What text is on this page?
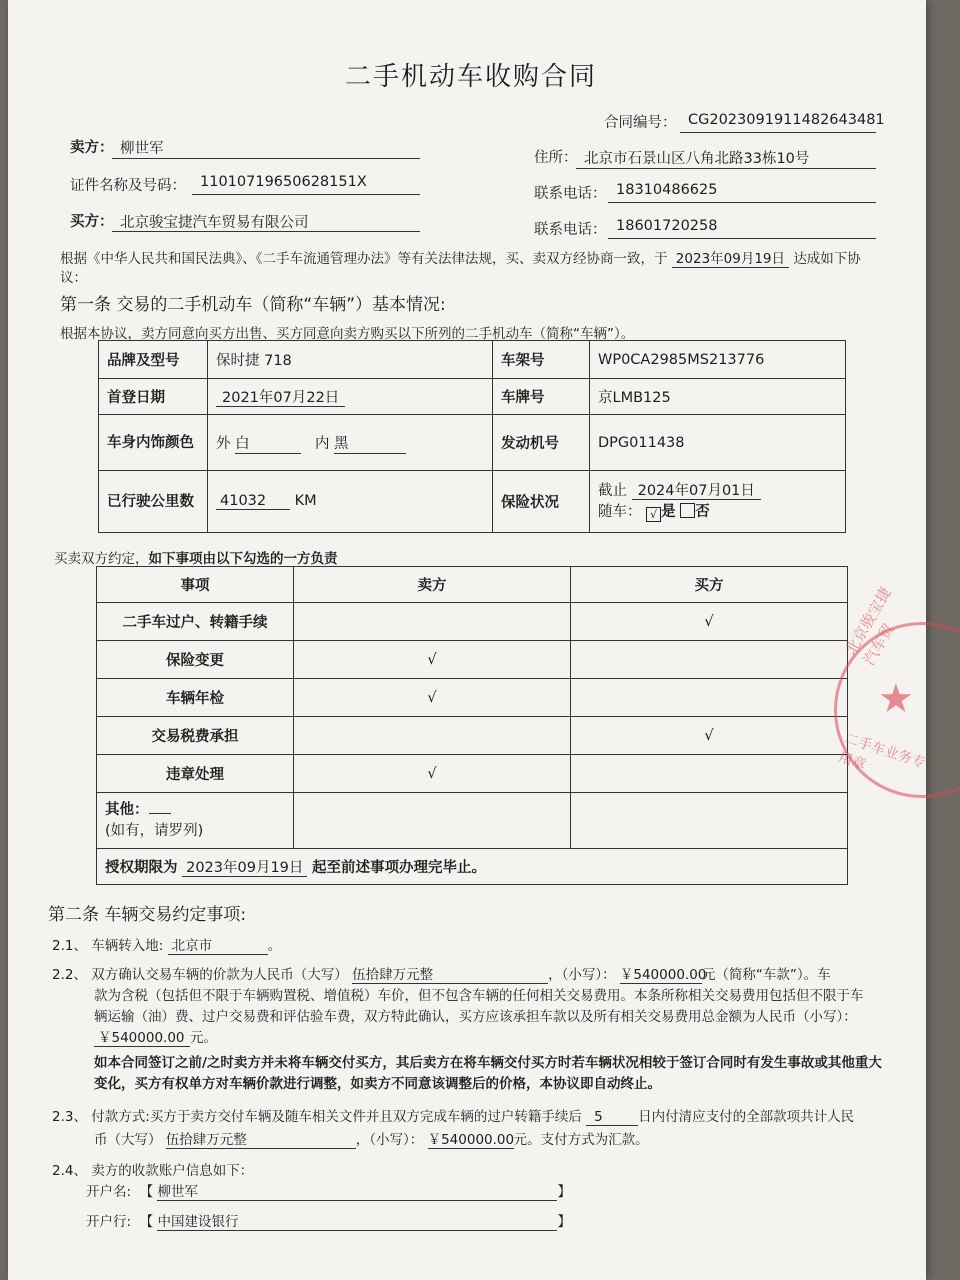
二手机动车收购合同
合同编号： CG2023091911482643481
卖方： 柳世军
住所： 北京市石景山区八角北路33栋10号
证件名称及号码： 11010719650628151X
联系电话： 18310486625
买方： 北京骏宝捷汽车贸易有限公司	联系电话： 18601720258
根据《中华人民共和国民法典》、《二手车流通管理办法》等有关法律法规，买、卖双方经协商一致，于 2023年09月19日 达成如下协
议：
第一条 交易的二手机动车（简称“车辆”）基本情况:
根据本协议，卖方同意向买方出售、买方同意向卖方购买以下所列的二手机动车（简称“车辆”）。
品牌及型号	保时捷 718	车架号	WP0CA2985MS213776
首登日期	2021年07月22日	车牌号	京LMB125
车身内饰颜色	外 白 内 黑	发动机号	DPG011438
已行驶公里数	41032 KM	保险状况	截止 2024年07月01日
随车： √ 是 否
买卖双方约定，如下事项由以下勾选的一方负责
事项	卖方	买方
二手车过户、转籍手续		√
保险变更	√	
车辆年检	√	
交易税费承担		√
违章处理	√	
其他：
(如有，请罗列)		
授权期限为 2023年09月19日 起至前述事项办理完毕止。		
第二条 车辆交易约定事项:
2.1、 车辆转入地: 北京市	。
2.2、 双方确认交易车辆的价款为人民币（大写） 伍拾肆万元整	，（小写）： ￥540000.00元（简称“车款”）。车
款为含税（包括但不限于车辆购置税、增值税）车价，但不包含车辆的任何相关交易费用。本条所称相关交易费用包括但不限于车
辆运输（油）费、过户交易费和评估验车费，双方特此确认，买方应该承担车款以及所有相关交易费用总金额为人民币（小写）：
￥540000.00 元。
如本合同签订之前/之时卖方并未将车辆交付买方，其后卖方在将车辆交付买方时若车辆状况相较于签订合同时有发生事故或其他重大变化，买方有权单方对车辆价款进行调整，如卖方不同意该调整后的价格，本协议即自动终止。
2.3、 付款方式:买方于卖方交付车辆及随车相关文件并且双方完成车辆的过户转籍手续后 5	日内付清应支付的全部款项共计人民
币（大写） 伍拾肆万元整	，（小写）： ￥540000.00元。支付方式为汇款。
2.4、 卖方的收款账户信息如下：
开户名: 【 柳世军	】
开户行: 【 中国建设银行	】
北京骏宝捷汽车贸
★
二手车业务专用章
